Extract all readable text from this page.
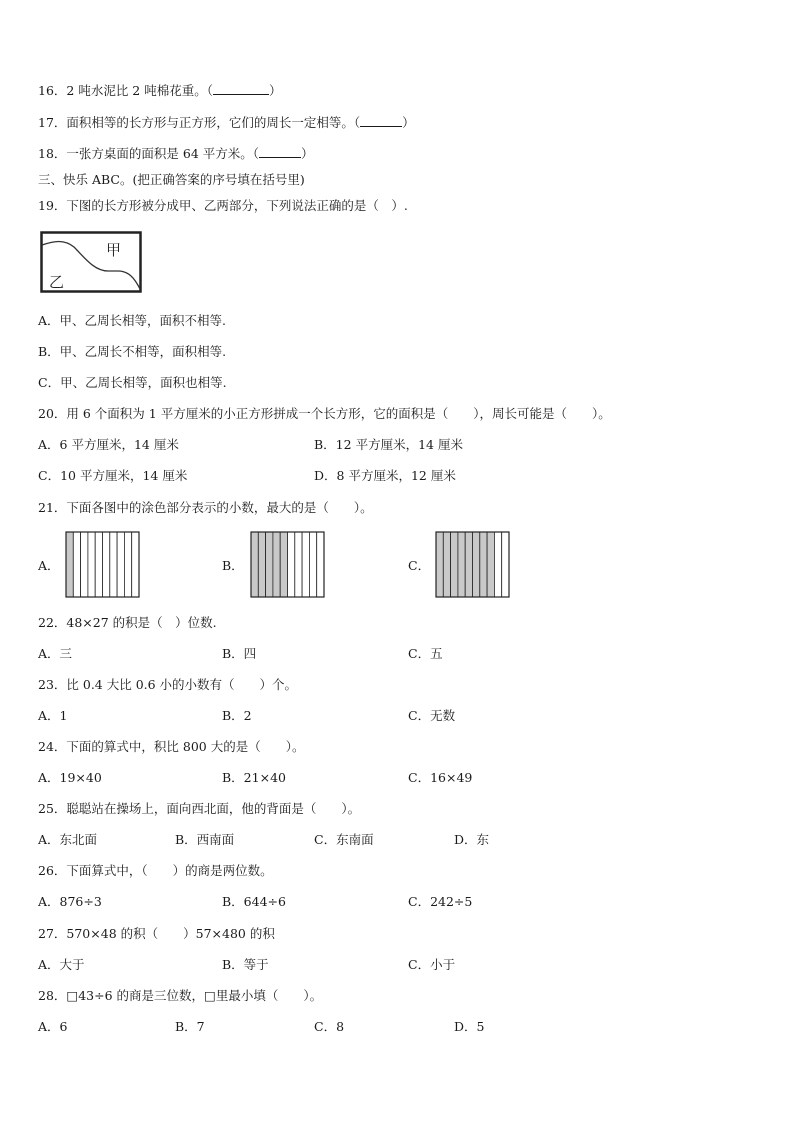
16．2 吨水泥比 2 吨棉花重。（	）
17．面积相等的长方形与正方形，它们的周长一定相等。（	）
18．一张方桌面的面积是 64 平方米。（	）
三、快乐 ABC。(把正确答案的序号填在括号里)
19．下图的长方形被分成甲、乙两部分，下列说法正确的是（　）.
甲
乙
A．甲、乙周长相等，面积不相等.
B．甲、乙周长不相等，面积相等.
C．甲、乙周长相等，面积也相等.
20．用 6 个面积为 1 平方厘米的小正方形拼成一个长方形，它的面积是（　　），周长可能是（　　）。
A．6 平方厘米，14 厘米	B．12 平方厘米，14 厘米
C．10 平方厘米，14 厘米	D．8 平方厘米，12 厘米
21．下面各图中的涂色部分表示的小数，最大的是（　　）。
A．	B．	C．
22．48×27 的积是（　）位数.
A．三	B．四	C．五
23．比 0.4 大比 0.6 小的小数有（　　）个。
A．1	B．2	C．无数
24．下面的算式中，积比 800 大的是（　　）。
A．19×40	B．21×40	C．16×49
25．聪聪站在操场上，面向西北面，他的背面是（　　）。
A．东北面	B．西南面	C．东南面	D．东
26．下面算式中，（　　）的商是两位数。
A．876÷3	B．644÷6	C．242÷5
27．570×48 的积（　　）57×480 的积
A．大于	B．等于	C．小于
28．□43÷6 的商是三位数，□里最小填（　　）。
A．6	B．7	C．8	D．5
